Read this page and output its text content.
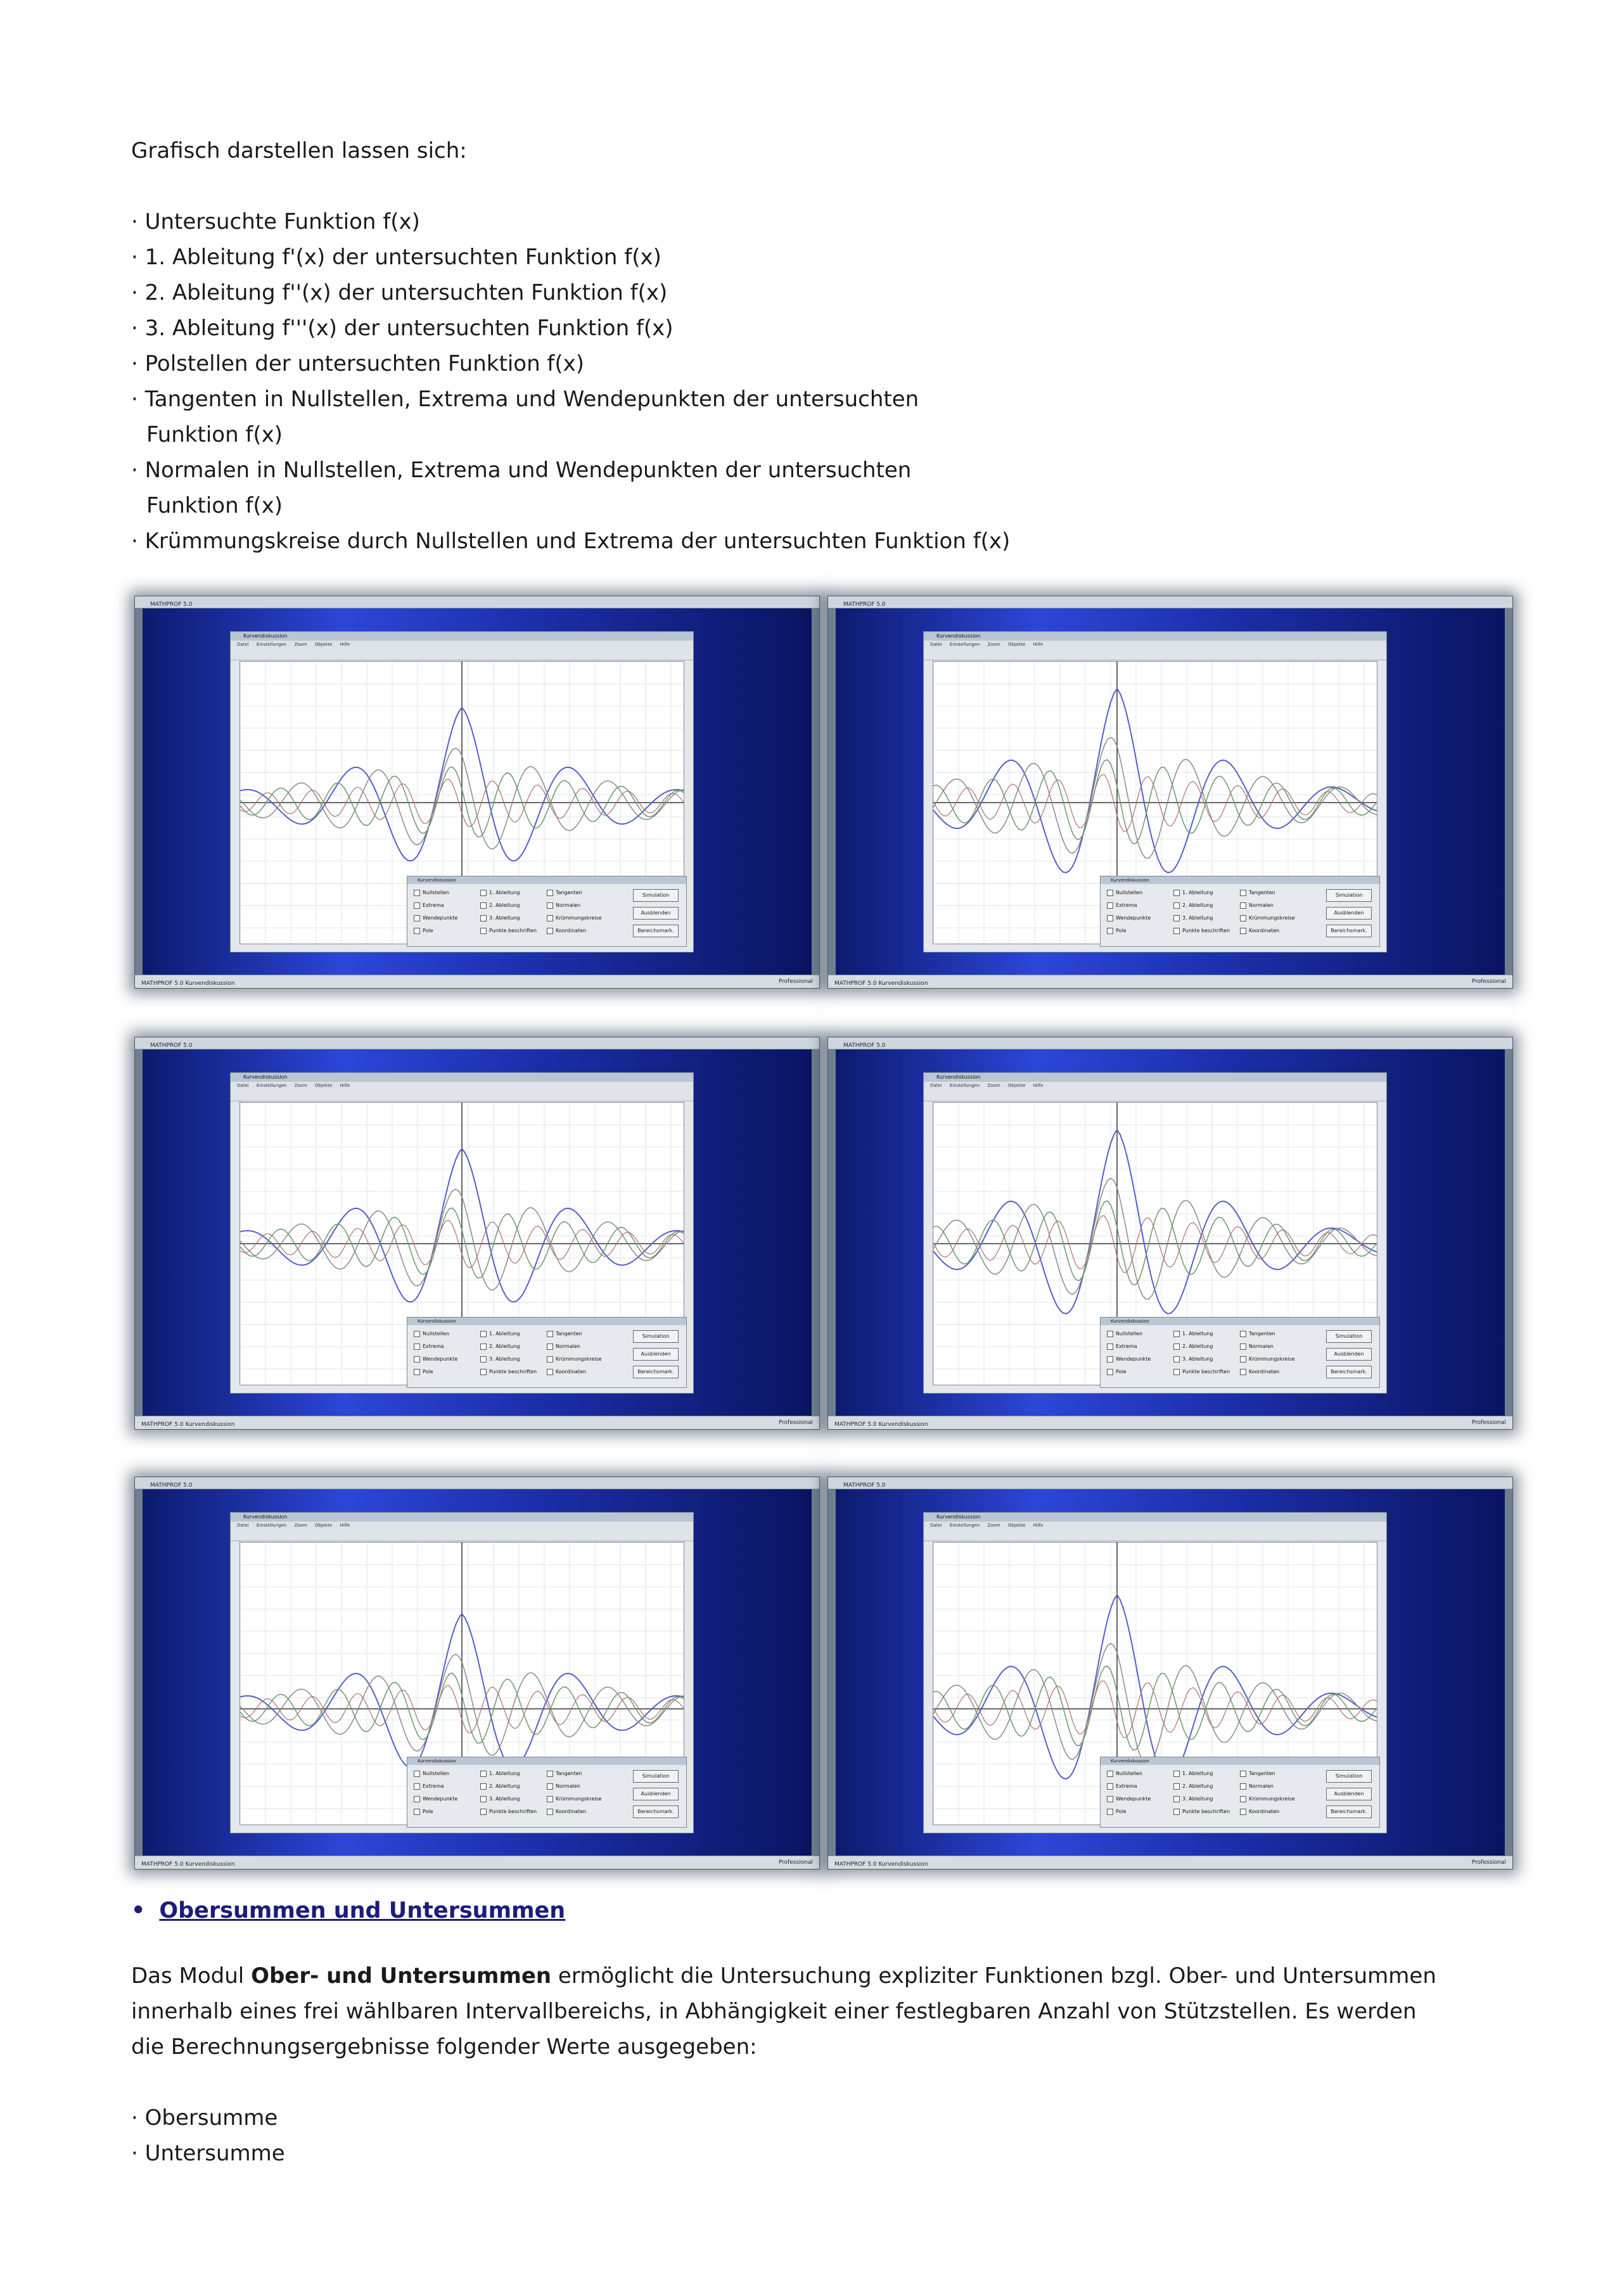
Grafisch darstellen lassen sich:
· Untersuchte Funktion f(x)
· 1. Ableitung f'(x) der untersuchten Funktion f(x)
· 2. Ableitung f''(x) der untersuchten Funktion f(x)
· 3. Ableitung f'''(x) der untersuchten Funktion f(x)
· Polstellen der untersuchten Funktion f(x)
· Tangenten in Nullstellen, Extrema und Wendepunkten der untersuchten
Funktion f(x)
· Normalen in Nullstellen, Extrema und Wendepunkten der untersuchten
Funktion f(x)
· Krümmungskreise durch Nullstellen und Extrema der untersuchten Funktion f(x)
MATHPROF 5.0
Kurvendiskussion
Datei Einstellungen Zoom Objekte Hilfe
Kurvendiskussion
Nullstellen
Extrema
Wendepunkte
Pole
1. Ableitung
2. Ableitung
3. Ableitung
Punkte beschriften
Tangenten
Normalen
Krümmungskreise
Koordinaten
Simulation
Ausblenden
Bereichsmark.
MATHPROF 5.0 Kurvendiskussion	Professional
MATHPROF 5.0
Kurvendiskussion
Datei Einstellungen Zoom Objekte Hilfe
Kurvendiskussion
Nullstellen
Extrema
Wendepunkte
Pole
1. Ableitung
2. Ableitung
3. Ableitung
Punkte beschriften
Tangenten
Normalen
Krümmungskreise
Koordinaten
Simulation
Ausblenden
Bereichsmark.
MATHPROF 5.0 Kurvendiskussion	Professional
MATHPROF 5.0
Kurvendiskussion
Datei Einstellungen Zoom Objekte Hilfe
Kurvendiskussion
Nullstellen
Extrema
Wendepunkte
Pole
1. Ableitung
2. Ableitung
3. Ableitung
Punkte beschriften
Tangenten
Normalen
Krümmungskreise
Koordinaten
Simulation
Ausblenden
Bereichsmark.
MATHPROF 5.0 Kurvendiskussion	Professional
MATHPROF 5.0
Kurvendiskussion
Datei Einstellungen Zoom Objekte Hilfe
Kurvendiskussion
Nullstellen
Extrema
Wendepunkte
Pole
1. Ableitung
2. Ableitung
3. Ableitung
Punkte beschriften
Tangenten
Normalen
Krümmungskreise
Koordinaten
Simulation
Ausblenden
Bereichsmark.
MATHPROF 5.0 Kurvendiskussion	Professional
MATHPROF 5.0
Kurvendiskussion
Datei Einstellungen Zoom Objekte Hilfe
Kurvendiskussion
Nullstellen
Extrema
Wendepunkte
Pole
1. Ableitung
2. Ableitung
3. Ableitung
Punkte beschriften
Tangenten
Normalen
Krümmungskreise
Koordinaten
Simulation
Ausblenden
Bereichsmark.
MATHPROF 5.0 Kurvendiskussion	Professional
MATHPROF 5.0
Kurvendiskussion
Datei Einstellungen Zoom Objekte Hilfe
Kurvendiskussion
Nullstellen
Extrema
Wendepunkte
Pole
1. Ableitung
2. Ableitung
3. Ableitung
Punkte beschriften
Tangenten
Normalen
Krümmungskreise
Koordinaten
Simulation
Ausblenden
Bereichsmark.
MATHPROF 5.0 Kurvendiskussion	Professional
• Obersummen und Untersummen
Das Modul Ober- und Untersummen ermöglicht die Untersuchung expliziter Funktionen bzgl. Ober- und Untersummen
innerhalb eines frei wählbaren Intervallbereichs, in Abhängigkeit einer festlegbaren Anzahl von Stützstellen. Es werden
die Berechnungsergebnisse folgender Werte ausgegeben:
· Obersumme
· Untersumme
